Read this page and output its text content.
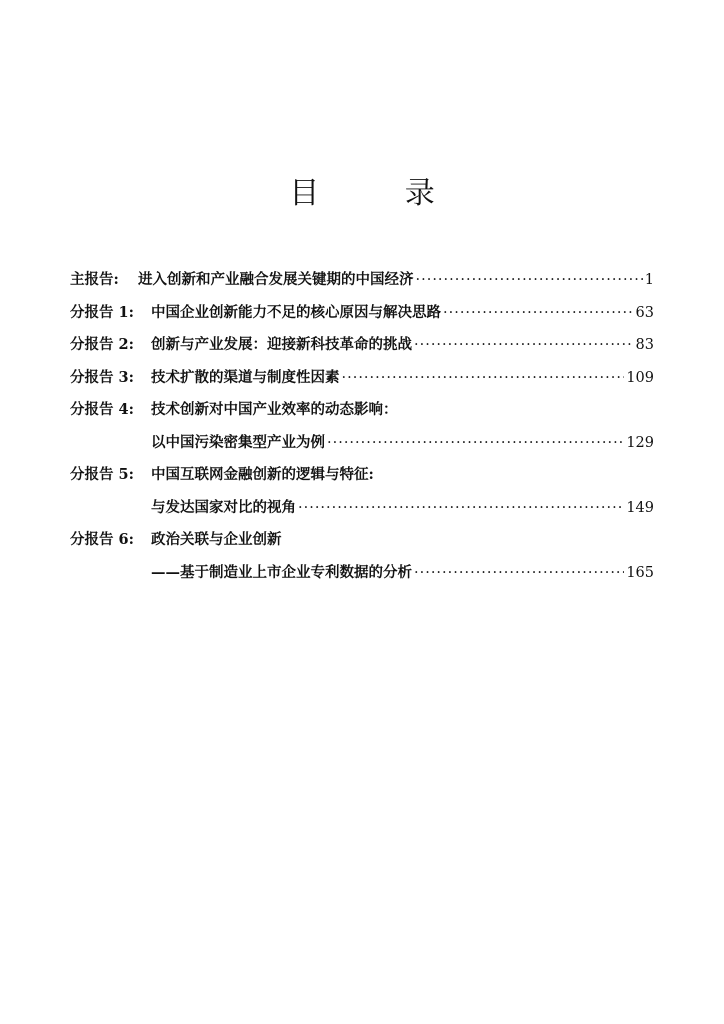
目 录
主报告:	进入创新和产业融合发展关键期的中国经济 ·····	1
分报告 1:	中国企业创新能力不足的核心原因与解决思路 ·····	63
分报告 2:	创新与产业发展：迎接新科技革命的挑战 ·····	83
分报告 3:	技术扩散的渠道与制度性因素 ·····	109
分报告 4:	技术创新对中国产业效率的动态影响：
以中国污染密集型产业为例 ·····	129
分报告 5:	中国互联网金融创新的逻辑与特征:
与发达国家对比的视角 ·····	149
分报告 6:	政治关联与企业创新
——基于制造业上市企业专利数据的分析 ·····	165
